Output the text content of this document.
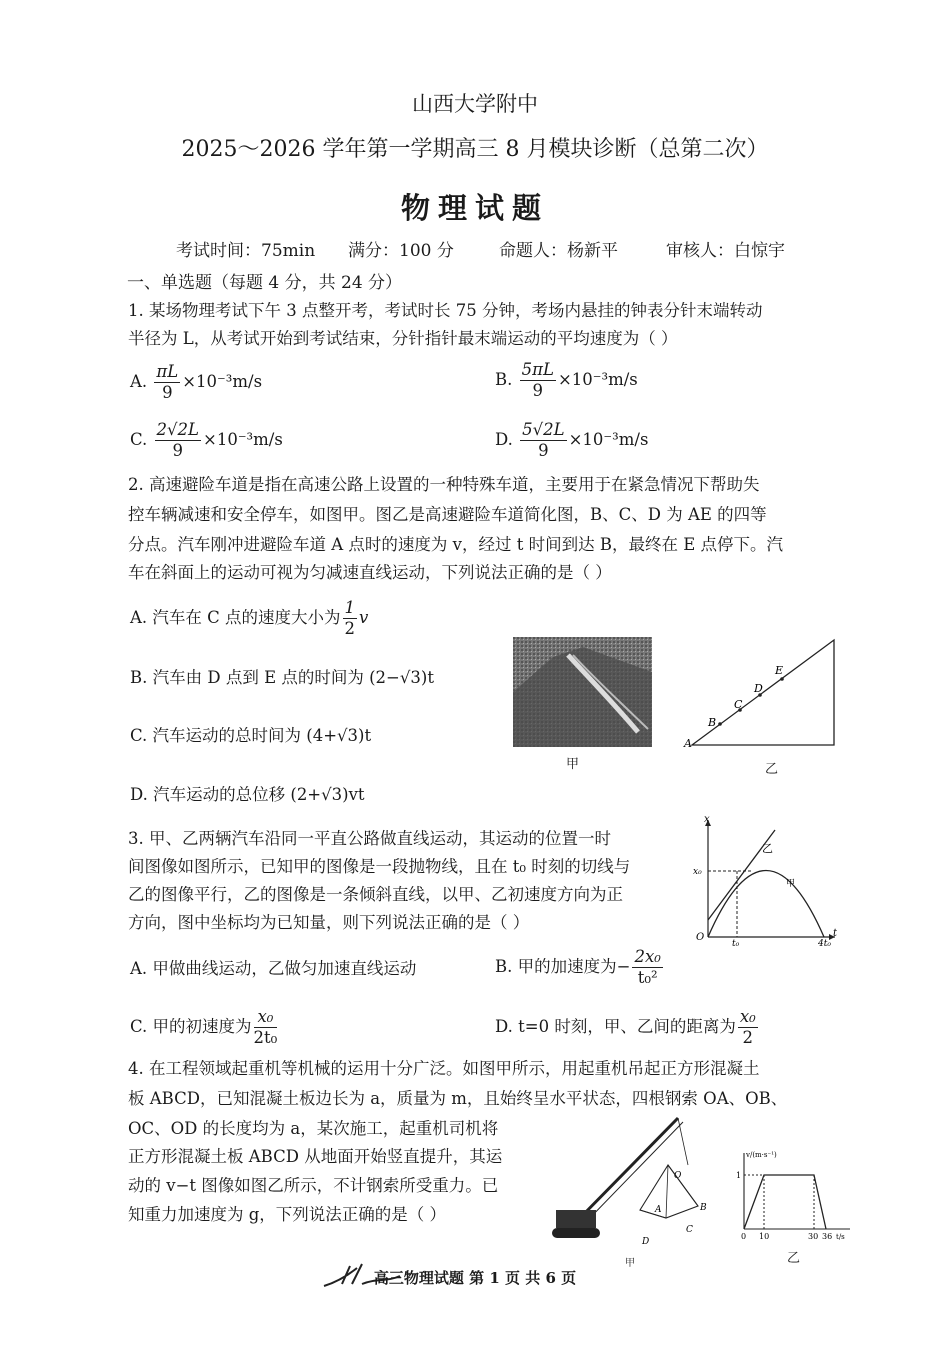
山西大学附中
2025～2026 学年第一学期高三 8 月模块诊断（总第二次）
物理试题
考试时间：75min 满分：100 分	命题人：杨新平	审核人：白惊宇
一、单选题（每题 4 分，共 24 分）
1. 某场物理考试下午 3 点整开考，考试时长 75 分钟，考场内悬挂的钟表分针末端转动
半径为 L，从考试开始到考试结束，分针指针最末端运动的平均速度为（ ）
A. $\frac{\pi L}{9} \times 10^{-3}m/s$	B. $\frac{5\pi L}{9} \times 10^{-3}m/s$
C. $\frac{2√2L}{9} \times 10^{-3}m/s$	D. $\frac{5√2L}{9} \times 10^{-3}m/s$
2. 高速避险车道是指在高速公路上设置的一种特殊车道，主要用于在紧急情况下帮助失
控车辆减速和安全停车，如图甲。图乙是高速避险车道简化图，B、C、D 为 AE 的四等
分点。汽车刚冲进避险车道 A 点时的速度为 v，经过 t 时间到达 B，最终在 E 点停下。汽
车在斜面上的运动可视为匀减速直线运动，下列说法正确的是（ ）
A. 汽车在 C 点的速度大小为 $\frac{1}{2}$ v
B. 汽车由 D 点到 E 点的时间为 (2−√3)t
C. 汽车运动的总时间为 (4+√3)t
D. 汽车运动的总位移 (2+√3)vt
甲
A
B
C
D
E
乙
3. 甲、乙两辆汽车沿同一平直公路做直线运动，其运动的位置一时
间图像如图所示，已知甲的图像是一段抛物线，且在 t₀ 时刻的切线与
乙的图像平行，乙的图像是一条倾斜直线，以甲、乙初速度方向为正
方向，图中坐标均为已知量，则下列说法正确的是（ ）
O
x
t
x₀
t₀	4t₀
乙
甲
A. 甲做曲线运动，乙做匀加速直线运动	B. 甲的加速度为− $\frac{\text{2x₀}}{\text{t₀²}}$
C. 甲的初速度为 $\frac{\text{x₀}}{\text{2t₀}}$	D. t=0 时刻，甲、乙间的距离为 $\frac{\text{x₀}}{2}$
4. 在工程领域起重机等机械的运用十分广泛。如图甲所示，用起重机吊起正方形混凝土
板 ABCD，已知混凝土板边长为 a，质量为 m，且始终呈水平状态，四根钢索 OA、OB、
OC、OD 的长度均为 a，某次施工，起重机司机将
正方形混凝土板 ABCD 从地面开始竖直提升，其运
动的 v−t 图像如图乙所示，不计钢索所受重力。已
知重力加速度为 g，下列说法正确的是（ ）
O
A	B
C
D
甲
v/(m·s⁻¹)
1
0 10	30 36 t/s
乙
高三物理试题 第 1 页 共 6 页
